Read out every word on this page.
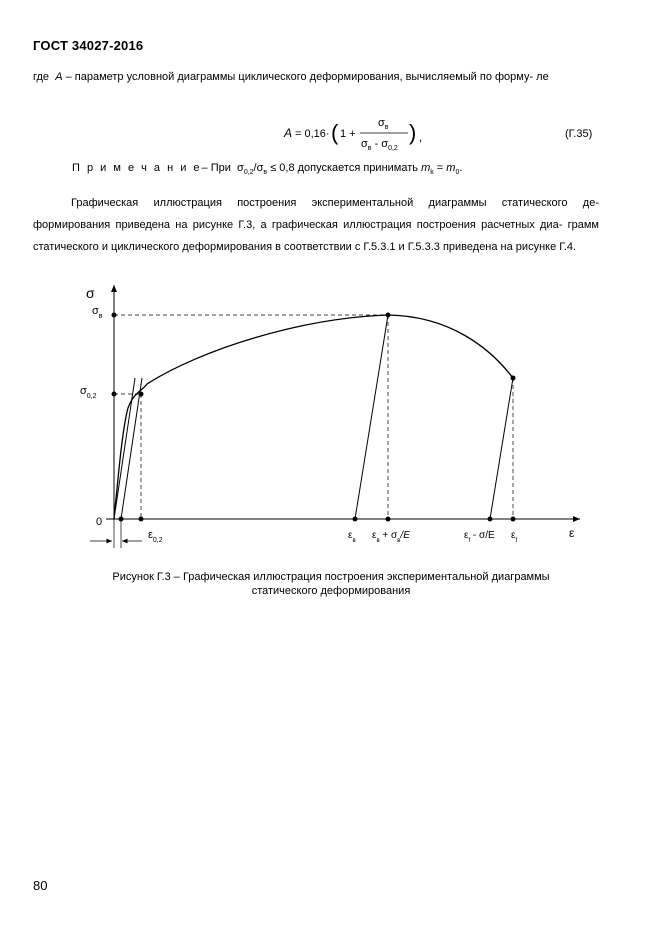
ГОСТ 34027-2016
где A – параметр условной диаграммы циклического деформирования, вычисляемый по форму- ле
A = 0,16· ( 1 +
$\sigma_в$
$\sigma_в - \sigma_{0,2}$
) ,	(Г.35)
П р и м е ч а н и е– При $\sigma_{0,2}/\sigma_в \le 0,8$ допускается принимать $m_k = m_0$.
Графическая иллюстрация построения экспериментальной диаграммы статического де- формирования приведена на рисунке Г.3, а графическая иллюстрация построения расчетных диа- грамм статического и циклического деформирования в соответствии с Г.5.3.1 и Г.5.3.3 приведена на рисунке Г.4.
σ
ε
0
$\sigma_в$
$\sigma_{0,2}$
$\varepsilon_{0,2}$	$\varepsilon_в$ $\varepsilon_в + \sigma_в/E$	$\varepsilon_f - \sigma/E$ $\varepsilon_f$
Рисунок Г.3 – Графическая иллюстрация построения экспериментальной диаграммы
статического деформирования
80
